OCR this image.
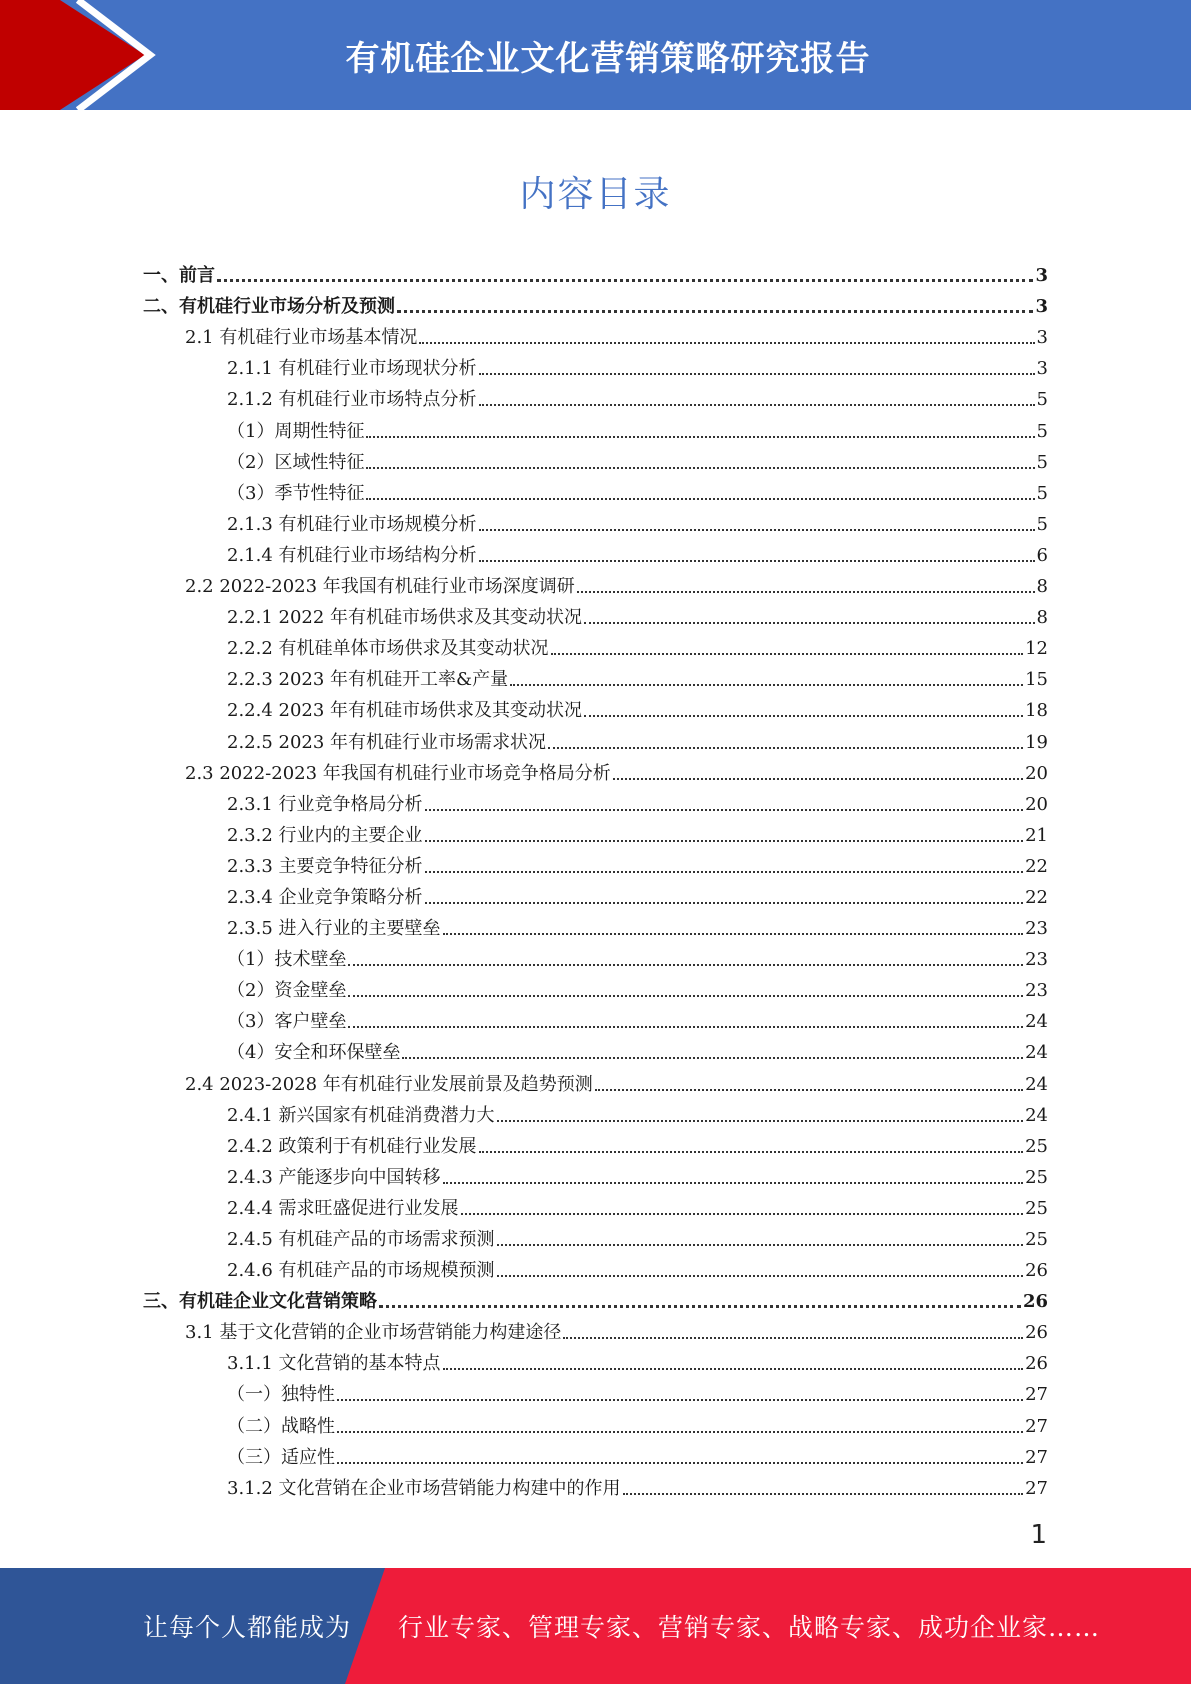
有机硅企业文化营销策略研究报告
内容目录
一、前言	3
二、有机硅行业市场分析及预测	3
2.1 有机硅行业市场基本情况	3
2.1.1 有机硅行业市场现状分析	3
2.1.2 有机硅行业市场特点分析	5
（1）周期性特征	5
（2）区域性特征	5
（3）季节性特征	5
2.1.3 有机硅行业市场规模分析	5
2.1.4 有机硅行业市场结构分析	6
2.2 2022-2023 年我国有机硅行业市场深度调研	8
2.2.1 2022 年有机硅市场供求及其变动状况	8
2.2.2 有机硅单体市场供求及其变动状况	12
2.2.3 2023 年有机硅开工率&产量	15
2.2.4 2023 年有机硅市场供求及其变动状况	18
2.2.5 2023 年有机硅行业市场需求状况	19
2.3 2022-2023 年我国有机硅行业市场竞争格局分析	20
2.3.1 行业竞争格局分析	20
2.3.2 行业内的主要企业	21
2.3.3 主要竞争特征分析	22
2.3.4 企业竞争策略分析	22
2.3.5 进入行业的主要壁垒	23
（1）技术壁垒	23
（2）资金壁垒	23
（3）客户壁垒	24
（4）安全和环保壁垒	24
2.4 2023-2028 年有机硅行业发展前景及趋势预测	24
2.4.1 新兴国家有机硅消费潜力大	24
2.4.2 政策利于有机硅行业发展	25
2.4.3 产能逐步向中国转移	25
2.4.4 需求旺盛促进行业发展	25
2.4.5 有机硅产品的市场需求预测	25
2.4.6 有机硅产品的市场规模预测	26
三、有机硅企业文化营销策略	26
3.1 基于文化营销的企业市场营销能力构建途径	26
3.1.1 文化营销的基本特点	26
（一）独特性	27
（二）战略性	27
（三）适应性	27
3.1.2 文化营销在企业市场营销能力构建中的作用	27
1
让每个人都能成为 行业专家、管理专家、营销专家、战略专家、成功企业家……
